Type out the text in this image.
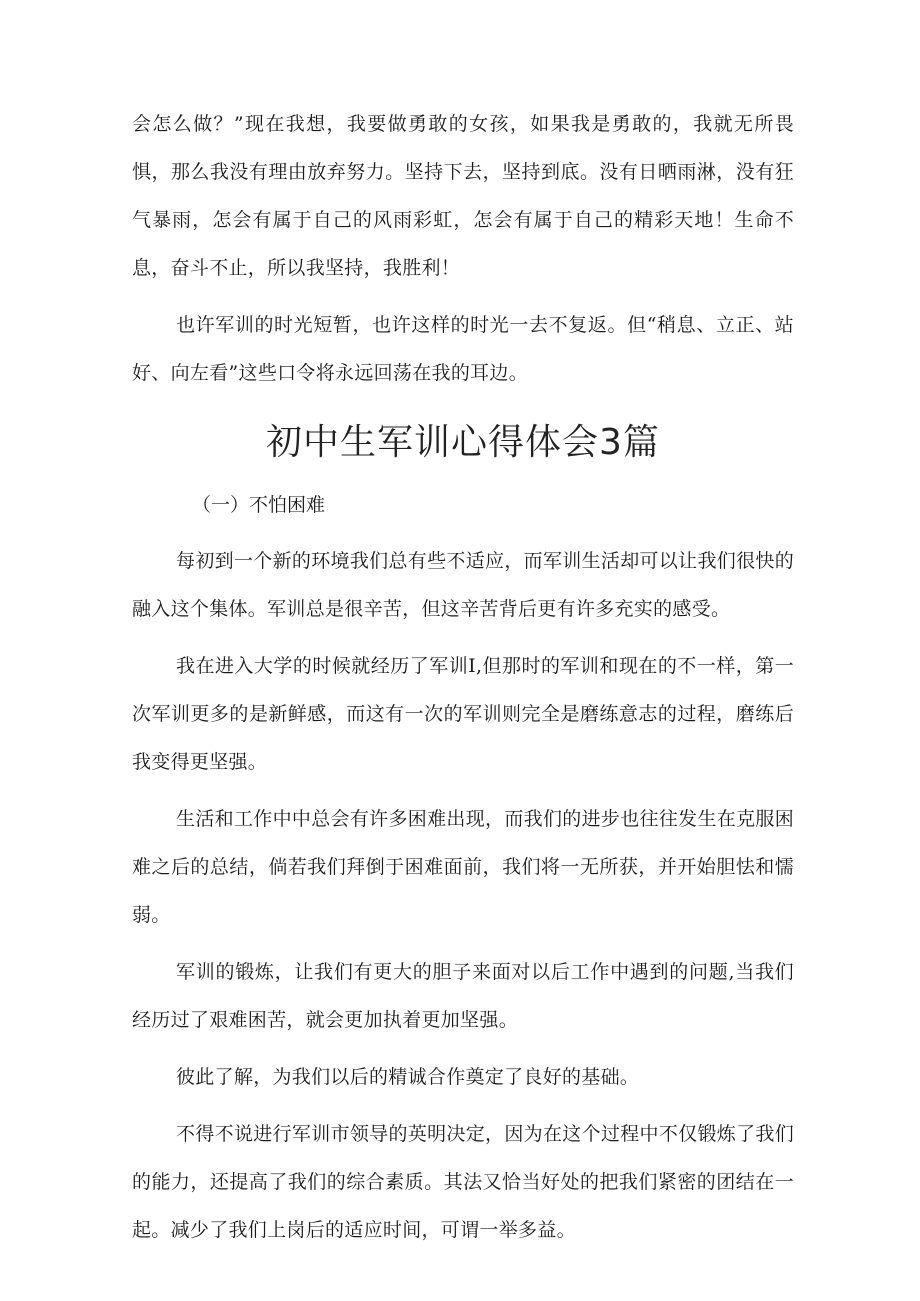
会怎么做？”现在我想，我要做勇敢的女孩，如果我是勇敢的，我就无所畏惧，那么我没有理由放弃努力。坚持下去，坚持到底。没有日晒雨淋，没有狂气暴雨，怎会有属于自己的风雨彩虹，怎会有属于自己的精彩天地！生命不息，奋斗不止，所以我坚持，我胜利！

也许军训的时光短暂，也许这样的时光一去不复返。但“稍息、立正、站好、向左看”这些口令将永远回荡在我的耳边。

初中生军训心得体会3篇
（一）不怕困难

每初到一个新的环境我们总有些不适应，而军训生活却可以让我们很快的融入这个集体。军训总是很辛苦，但这辛苦背后更有许多充实的感受。

我在进入大学的时候就经历了军训I,但那时的军训和现在的不一样，第一次军训更多的是新鲜感，而这有一次的军训则完全是磨练意志的过程，磨练后我变得更坚强。

生活和工作中中总会有许多困难出现，而我们的进步也往往发生在克服困难之后的总结，倘若我们拜倒于困难面前，我们将一无所获，并开始胆怯和懦弱。

军训的锻炼，让我们有更大的胆子来面对以后工作中遇到的问题,当我们经历过了艰难困苦，就会更加执着更加坚强。

彼此了解，为我们以后的精诚合作奠定了良好的基础。

不得不说进行军训市领导的英明决定，因为在这个过程中不仅锻炼了我们的能力，还提高了我们的综合素质。其法又恰当好处的把我们紧密的团结在一起。减少了我们上岗后的适应时间，可谓一举多益。
